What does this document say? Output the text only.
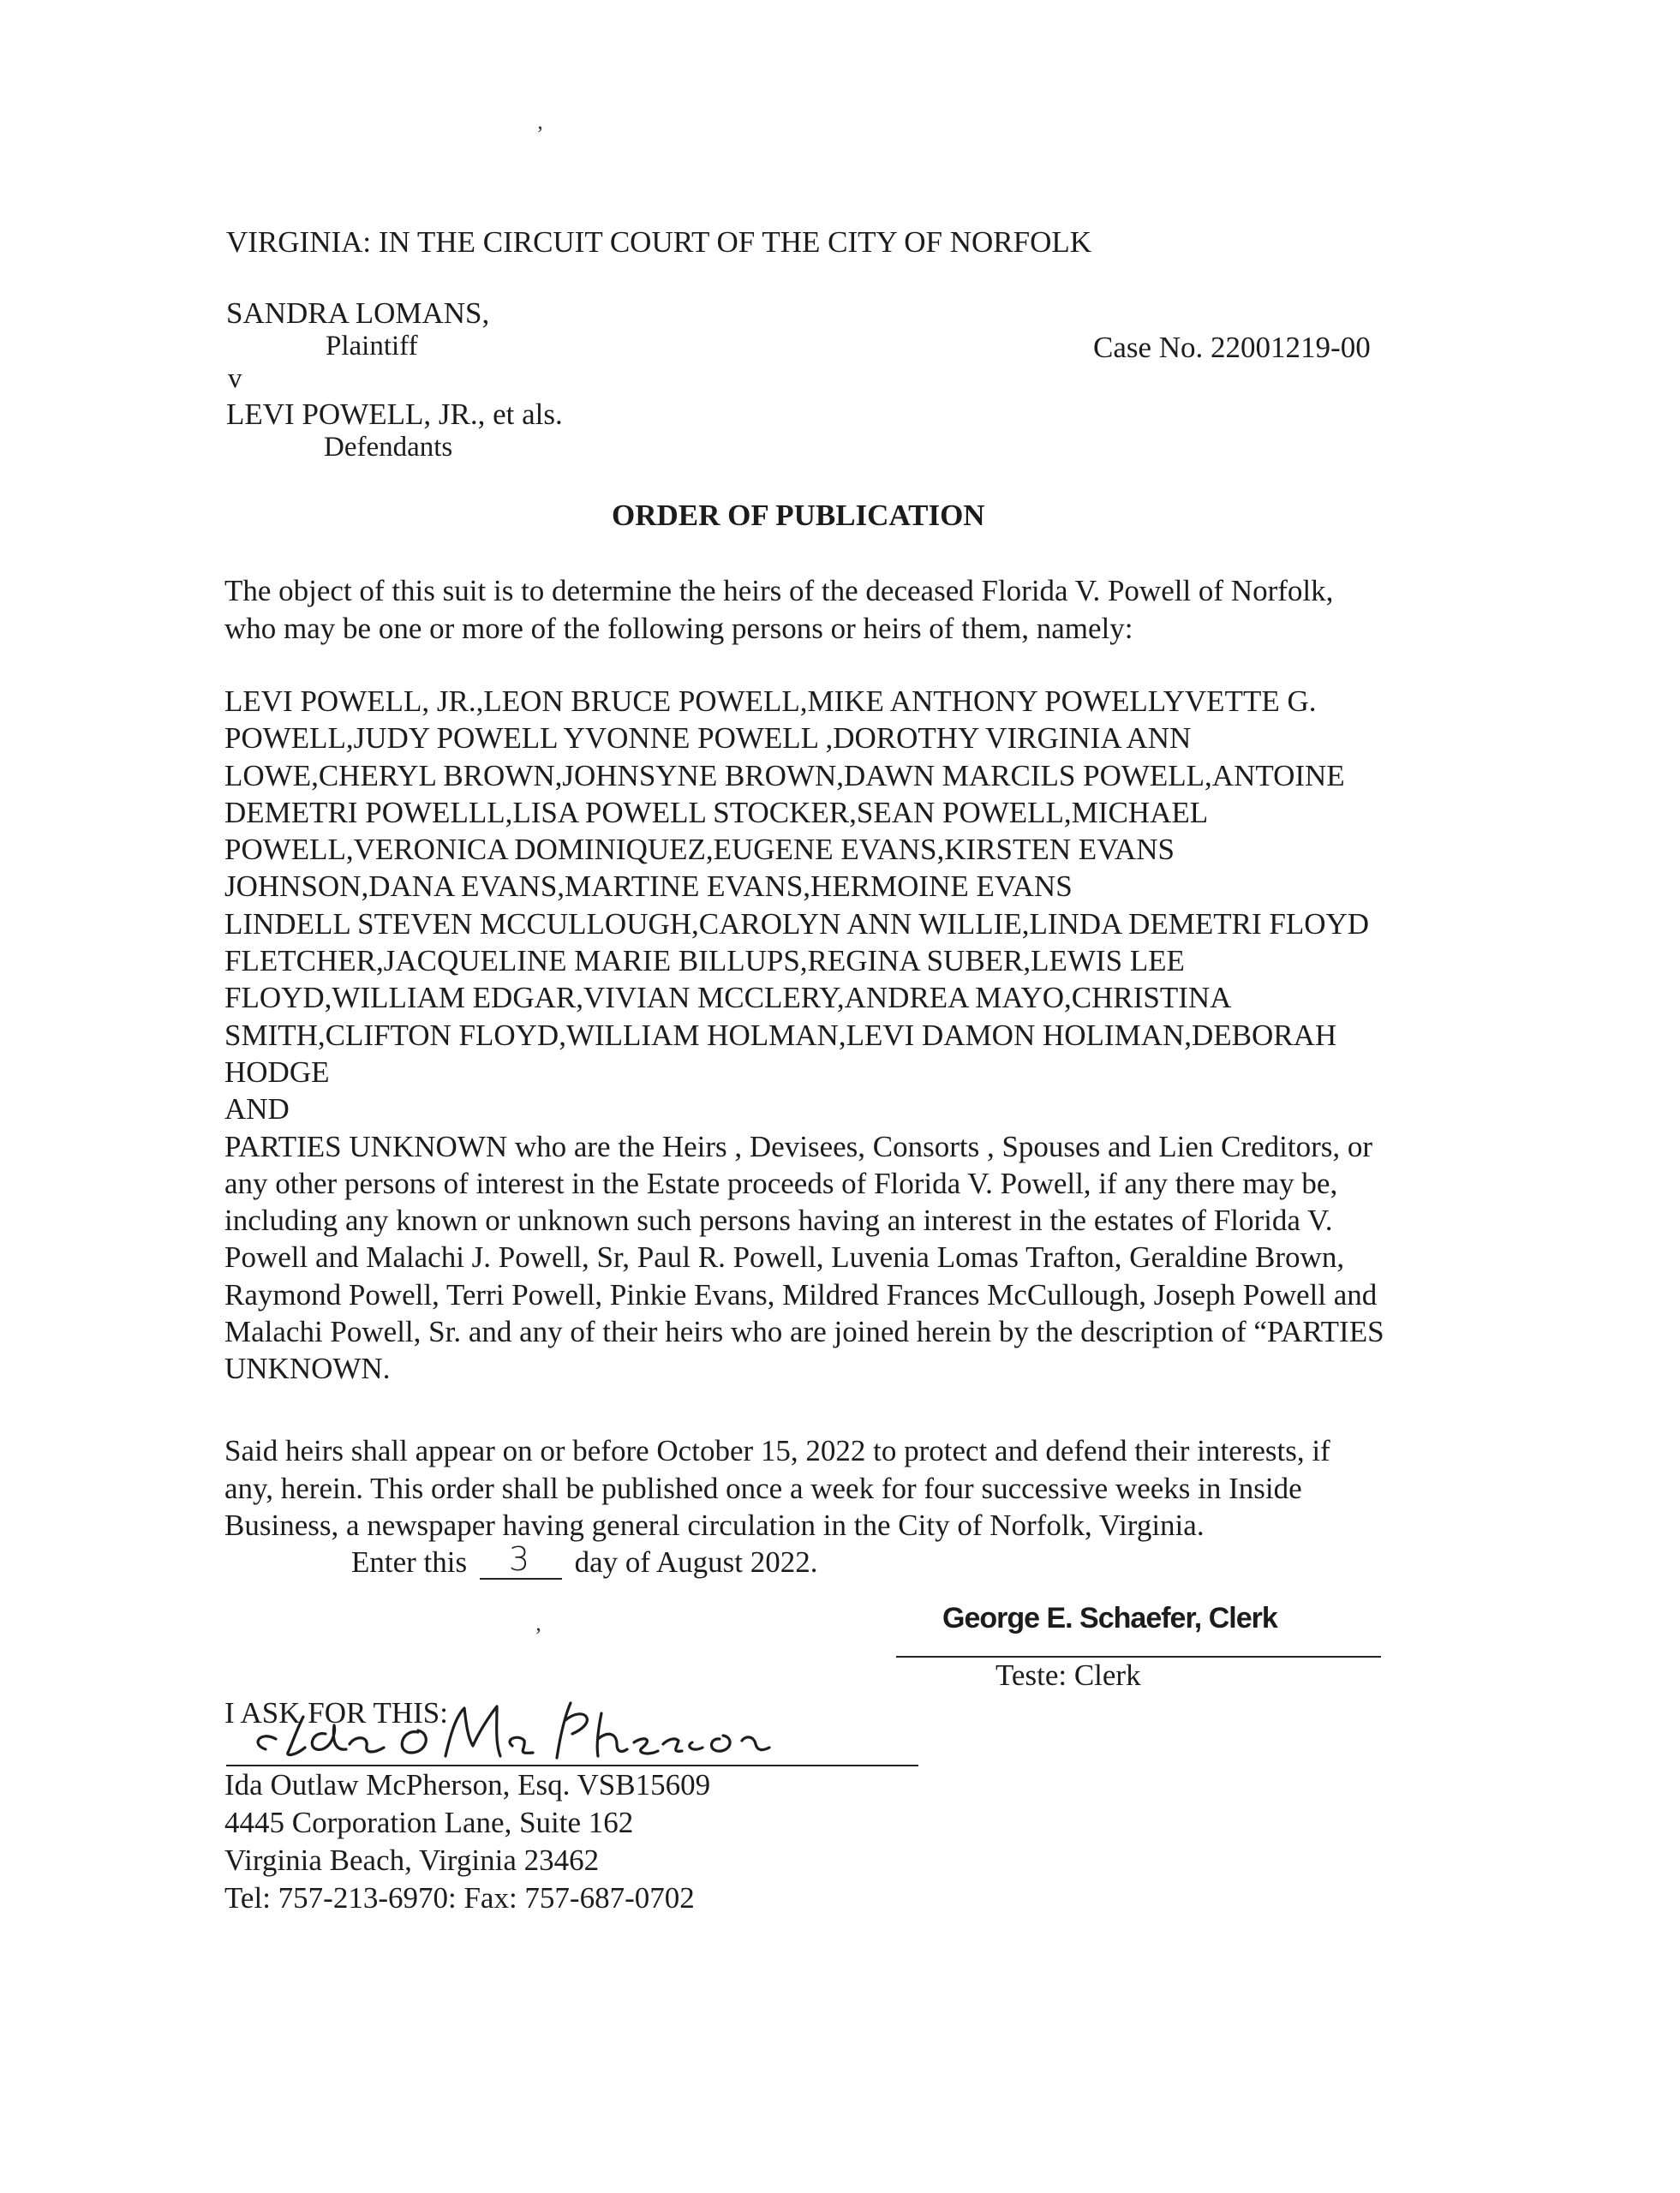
’
’
VIRGINIA: IN THE CIRCUIT COURT OF THE CITY OF NORFOLK
SANDRA LOMANS,
Plaintiff	Case No. 22001219-00
v
LEVI POWELL, JR., et als.
Defendants
ORDER OF PUBLICATION
The object of this suit is to determine the heirs of the deceased Florida V. Powell of Norfolk,
who may be one or more of the following persons or heirs of them, namely:
LEVI POWELL, JR.,LEON BRUCE POWELL,MIKE ANTHONY POWELLYVETTE G.
POWELL,JUDY POWELL YVONNE POWELL ,DOROTHY VIRGINIA ANN
LOWE,CHERYL BROWN,JOHNSYNE BROWN,DAWN MARCILS POWELL,ANTOINE
DEMETRI POWELLL,LISA POWELL STOCKER,SEAN POWELL,MICHAEL
POWELL,VERONICA DOMINIQUEZ,EUGENE EVANS,KIRSTEN EVANS
JOHNSON,DANA EVANS,MARTINE EVANS,HERMOINE EVANS
LINDELL STEVEN MCCULLOUGH,CAROLYN ANN WILLIE,LINDA DEMETRI FLOYD
FLETCHER,JACQUELINE MARIE BILLUPS,REGINA SUBER,LEWIS LEE
FLOYD,WILLIAM EDGAR,VIVIAN MCCLERY,ANDREA MAYO,CHRISTINA
SMITH,CLIFTON FLOYD,WILLIAM HOLMAN,LEVI DAMON HOLIMAN,DEBORAH
HODGE
AND
PARTIES UNKNOWN who are the Heirs , Devisees, Consorts , Spouses and Lien Creditors, or
any other persons of interest in the Estate proceeds of Florida V. Powell, if any there may be,
including any known or unknown such persons having an interest in the estates of Florida V.
Powell and Malachi J. Powell, Sr, Paul R. Powell, Luvenia Lomas Trafton, Geraldine Brown,
Raymond Powell, Terri Powell, Pinkie Evans, Mildred Frances McCullough, Joseph Powell and
Malachi Powell, Sr. and any of their heirs who are joined herein by the description of “PARTIES
UNKNOWN.
Said heirs shall appear on or before October 15, 2022 to protect and defend their interests, if
any, herein. This order shall be published once a week for four successive weeks in Inside
Business, a newspaper having general circulation in the City of Norfolk, Virginia.
Enter this 3 day of August 2022.
George E. Schaefer, Clerk
Teste: Clerk
I ASK FOR THIS:
Ida Outlaw McPherson, Esq. VSB15609
4445 Corporation Lane, Suite 162
Virginia Beach, Virginia 23462
Tel: 757-213-6970: Fax: 757-687-0702
